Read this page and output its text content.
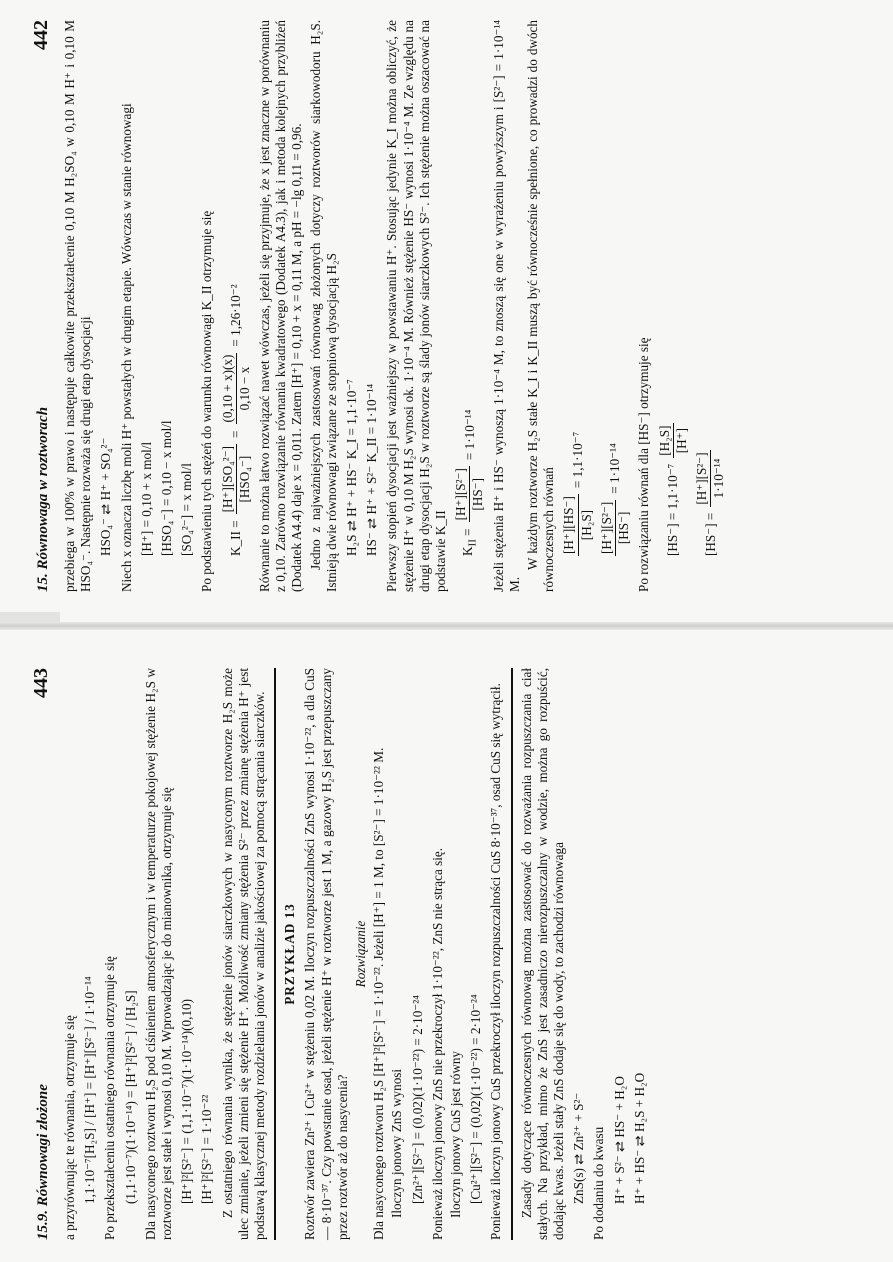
15. Równowaga w roztworach
442 przebiega w 100% w prawo i następuje całkowite przekształcenie 0,10 M H₂SO₄ w 0,10 M H⁺ i 0,10 M HSO₄⁻. Następnie rozważa się drugi etap dysocjacji HSO₄⁻ ⇄ H⁺ + SO₄²⁻ Niech x oznacza liczbę moli H⁺ powstałych w drugim etapie. Wówczas w stanie równowagi [H⁺] = 0,10 + x mol/l [HSO₄⁻] = 0,10 − x mol/l [SO₄²⁻] = x mol/l Po podstawieniu tych stężeń do warunku równowagi K_II otrzymuje się K_II =
[H⁺][SO₄²⁻] [HSO₄⁻]
=
(0,10 + x)(x) 0,10 − x
= 1,26·10⁻² Równanie to można łatwo rozwiązać nawet wówczas, jeżeli się przyjmuje, że x jest znaczne w porównaniu z 0,10. Zarówno rozwiązanie równania kwadratowego (Dodatek A4.3), jak i metoda kolejnych przybliżeń (Dodatek A4.4) daje x = 0,011. Zatem [H⁺] = 0,10 + x = 0,11 M, a pH = −lg 0,11 = 0,96. Jedno z najważniejszych zastosowań równowag złożonych dotyczy roztworów siarkowodoru H₂S. Istnieją dwie równowagi związane ze stopniową dysocjacją H₂S H₂S ⇄ H⁺ + HS⁻ K_I = 1,1·10⁻⁷ HS⁻ ⇄ H⁺ + S²⁻ K_II = 1·10⁻¹⁴ Pierwszy stopień dysocjacji jest ważniejszy w powstawaniu H⁺. Stosując jedynie K_I można obliczyć, że stężenie H⁺ w 0,10 M H₂S wynosi ok. 1·10⁻⁴ M. Również stężenie HS⁻ wynosi 1·10⁻⁴ M. Ze względu na drugi etap dysocjacji H₂S w roztworze są ślady jonów siarczkowych S²⁻. Ich stężenie można oszacować na podstawie K_II $K_{II}$ =
[H⁺][S²⁻] [HS⁻]
= 1·10⁻¹⁴ Jeżeli stężenia H⁺ i HS⁻ wynoszą 1·10⁻⁴ M, to znoszą się one w wyrażeniu powyższym i [S²⁻] = 1·10⁻¹⁴ M.

W każdym roztworze H₂S stałe K_I i K_II muszą być równocześnie spełnione, co prowadzi do dwóch równoczesnych równań [H⁺][HS⁻] [H₂S]
= 1,1·10⁻⁷
[H⁺][S²⁻] [HS⁻]
= 1·10⁻¹⁴ Po rozwiązaniu równań dla [HS⁻] otrzymuje się [HS⁻] = 1,1·10⁻⁷
[H₂S] [H⁺]
[HS⁻] =
[H⁺][S²⁻] 1·10⁻¹⁴
15.9. Równowagi złożone
443

a przyrównując te równania, otrzymuje się 1,1·10⁻⁷[H₂S] / [H⁺] = [H⁺][S²⁻] / 1·10⁻¹⁴ Po przekształceniu ostatniego równania otrzymuje się (1,1·10⁻⁷)(1·10⁻¹⁴) = [H⁺]²[S²⁻] / [H₂S] Dla nasyconego roztworu H₂S pod ciśnieniem atmosferycznym i w temperaturze pokojowej stężenie H₂S w roztworze jest stałe i wynosi 0,10 M. Wprowadzając je do mianownika, otrzymuje się [H⁺]²[S²⁻] = (1,1·10⁻⁷)(1·10⁻¹⁴)(0,10) [H⁺]²[S²⁻] = 1·10⁻²² Z ostatniego równania wynika, że stężenie jonów siarczkowych w nasyconym roztworze H₂S może ulec zmianie, jeżeli zmieni się stężenie H⁺. Możliwość zmiany stężenia S²⁻ przez zmianę stężenia H⁺ jest podstawą klasycznej metody rozdzielania jonów w analizie jakościowej za pomocą strącania siarczków. PRZYKŁAD 13 Roztwór zawiera Zn²⁺ i Cu²⁺ w stężeniu 0,02 M. Iloczyn rozpuszczalności ZnS wynosi 1·10⁻²², a dla CuS — 8·10⁻³⁷. Czy powstanie osad, jeżeli stężenie H⁺ w roztworze jest 1 M, a gazowy H₂S jest przepuszczany przez roztwór aż do nasycenia?

Rozwiązanie Dla nasyconego roztworu H₂S [H⁺]²[S²⁻] = 1·10⁻²². Jeżeli [H⁺] = 1 M, to [S²⁻] = 1·10⁻²² M. Iloczyn jonowy ZnS wynosi [Zn²⁺][S²⁻] = (0,02)(1·10⁻²²) = 2·10⁻²⁴ Ponieważ iloczyn jonowy ZnS nie przekroczył 1·10⁻²², ZnS nie strąca się. Iloczyn jonowy CuS jest równy [Cu²⁺][S²⁻] = (0,02)(1·10⁻²²) = 2·10⁻²⁴ Ponieważ iloczyn jonowy CuS przekroczył iloczyn rozpuszczalności CuS 8·10⁻³⁷, osad CuS się wytrącił. Zasady dotyczące równoczesnych równowag można zastosować do rozważania rozpuszczania ciał stałych. Na przykład, mimo że ZnS jest zasadniczo nierozpuszczalny w wodzie, można go rozpuścić, dodając kwas. Jeżeli stały ZnS dodaje się do wody, to zachodzi równowaga ZnS(s) ⇄ Zn²⁺ + S²⁻ Po dodaniu do kwasu H⁺ + S²⁻ ⇄ HS⁻ + H₂O H⁺ + HS⁻ ⇄ H₂S + H₂O
